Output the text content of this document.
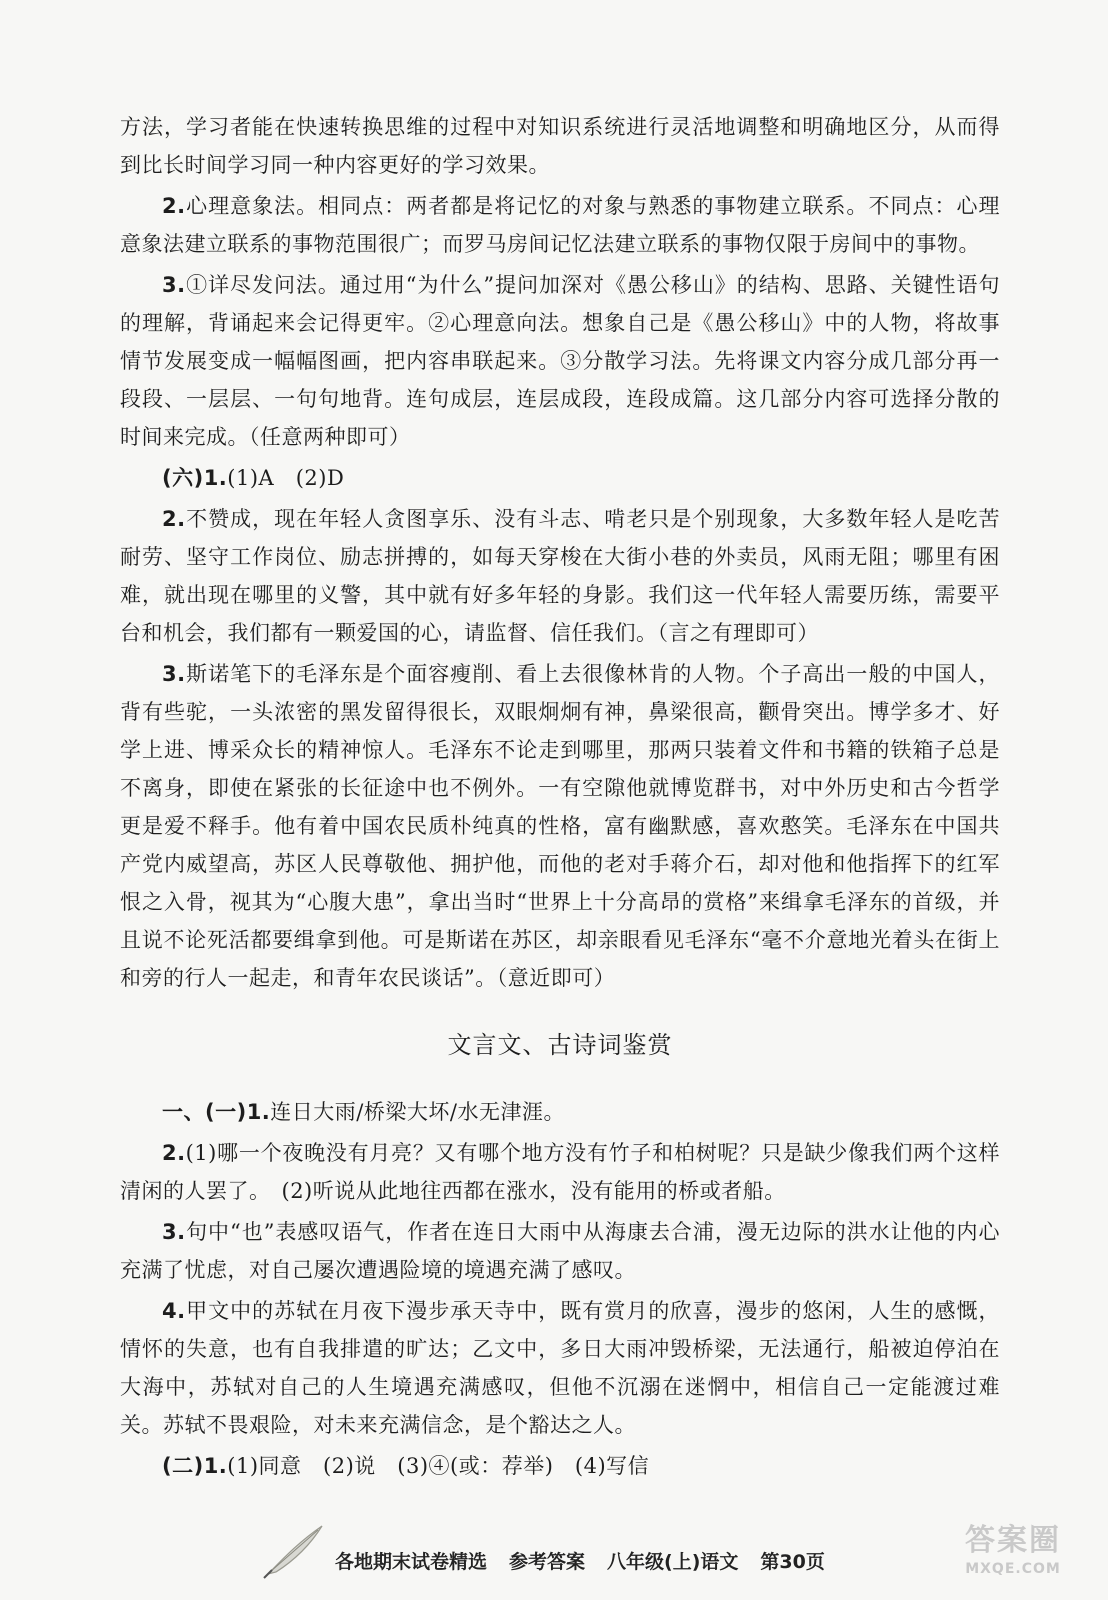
方法，学习者能在快速转换思维的过程中对知识系统进行灵活地调整和明确地区分，从而得到比长时间学习同一种内容更好的学习效果。

2.心理意象法。相同点：两者都是将记忆的对象与熟悉的事物建立联系。不同点：心理意象法建立联系的事物范围很广；而罗马房间记忆法建立联系的事物仅限于房间中的事物。

3.①详尽发问法。通过用“为什么”提问加深对《愚公移山》的结构、思路、关键性语句的理解，背诵起来会记得更牢。②心理意向法。想象自己是《愚公移山》中的人物，将故事情节发展变成一幅幅图画，把内容串联起来。③分散学习法。先将课文内容分成几部分再一段段、一层层、一句句地背。连句成层，连层成段，连段成篇。这几部分内容可选择分散的时间来完成。（任意两种即可）

(六)1.(1)A　(2)D

2.不赞成，现在年轻人贪图享乐、没有斗志、啃老只是个别现象，大多数年轻人是吃苦耐劳、坚守工作岗位、励志拼搏的，如每天穿梭在大街小巷的外卖员，风雨无阻；哪里有困难，就出现在哪里的义警，其中就有好多年轻的身影。我们这一代年轻人需要历练，需要平台和机会，我们都有一颗爱国的心，请监督、信任我们。（言之有理即可）

3.斯诺笔下的毛泽东是个面容瘦削、看上去很像林肯的人物。个子高出一般的中国人，背有些驼，一头浓密的黑发留得很长，双眼炯炯有神，鼻梁很高，颧骨突出。博学多才、好学上进、博采众长的精神惊人。毛泽东不论走到哪里，那两只装着文件和书籍的铁箱子总是不离身，即使在紧张的长征途中也不例外。一有空隙他就博览群书，对中外历史和古今哲学更是爱不释手。他有着中国农民质朴纯真的性格，富有幽默感，喜欢憨笑。毛泽东在中国共产党内威望高，苏区人民尊敬他、拥护他，而他的老对手蒋介石，却对他和他指挥下的红军恨之入骨，视其为“心腹大患”，拿出当时“世界上十分高昂的赏格”来缉拿毛泽东的首级，并且说不论死活都要缉拿到他。可是斯诺在苏区，却亲眼看见毛泽东“毫不介意地光着头在街上和旁的行人一起走，和青年农民谈话”。（意近即可）

文言文、古诗词鉴赏

一、(一)1.连日大雨/桥梁大坏/水无津涯。

2.(1)哪一个夜晚没有月亮？又有哪个地方没有竹子和柏树呢？只是缺少像我们两个这样清闲的人罢了。　(2)听说从此地往西都在涨水，没有能用的桥或者船。

3.句中“也”表感叹语气，作者在连日大雨中从海康去合浦，漫无边际的洪水让他的内心充满了忧虑，对自己屡次遭遇险境的境遇充满了感叹。

4.甲文中的苏轼在月夜下漫步承天寺中，既有赏月的欣喜，漫步的悠闲，人生的感慨，情怀的失意，也有自我排遣的旷达；乙文中，多日大雨冲毁桥梁，无法通行，船被迫停泊在大海中，苏轼对自己的人生境遇充满感叹，但他不沉溺在迷惘中，相信自己一定能渡过难关。苏轼不畏艰险，对未来充满信念，是个豁达之人。

(二)1.(1)同意　(2)说　(3)④(或：荐举)　(4)写信

各地期末试卷精选 参考答案 八年级(上)语文 第30页
答案圈
MXQE.COM
